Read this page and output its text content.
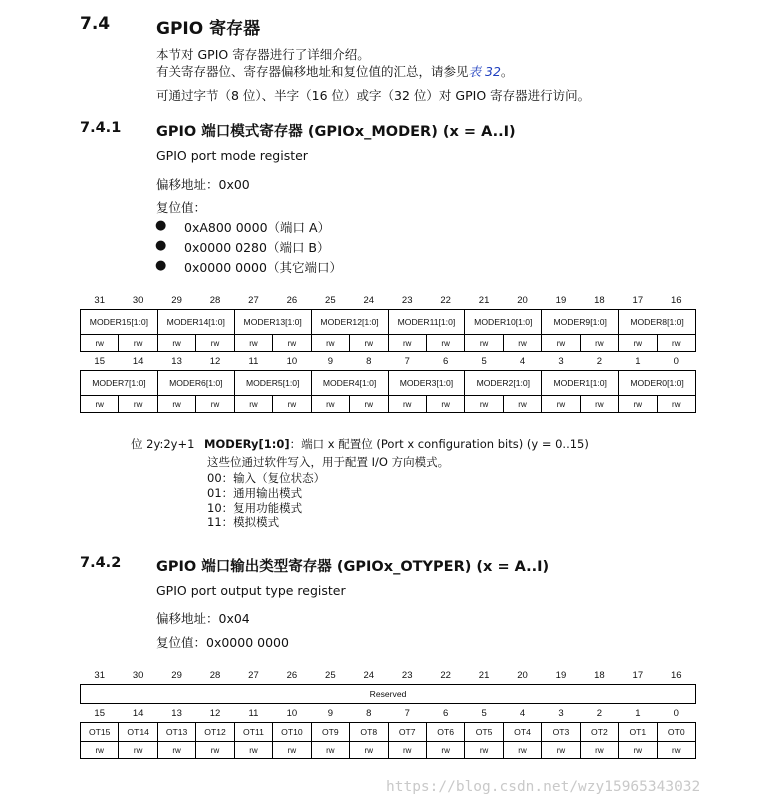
7.4	GPIO 寄存器
本节对 GPIO 寄存器进行了详细介绍。
有关寄存器位、寄存器偏移地址和复位值的汇总，请参见表 32。
可通过字节（8 位）、半字（16 位）或字（32 位）对 GPIO 寄存器进行访问。
7.4.1 GPIO 端口模式寄存器 (GPIOx_MODER) (x = A..I)
GPIO port mode register
偏移地址：0x00
复位值：
● 0xA800 0000（端口 A）
● 0x0000 0280（端口 B）
● 0x0000 0000（其它端口）
31	30	29	28	27	26	25	24	23	22	21	20	19	18	17	16
MODER15[1:0]		MODER14[1:0]		MODER13[1:0]		MODER12[1:0]		MODER11[1:0]		MODER10[1:0]		MODER9[1:0]		MODER8[1:0]	
rw	rw	rw	rw	rw	rw	rw	rw	rw	rw	rw	rw	rw	rw	rw	rw
15	14	13	12	11	10	9	8	7	6	5	4	3	2	1	0
MODER7[1:0]		MODER6[1:0]		MODER5[1:0]		MODER4[1:0]		MODER3[1:0]		MODER2[1:0]		MODER1[1:0]		MODER0[1:0]	
rw	rw	rw	rw	rw	rw	rw	rw	rw	rw	rw	rw	rw	rw	rw	rw
位 2y:2y+1 MODERy[1:0]：端口 x 配置位 (Port x configuration bits) (y = 0..15)
这些位通过软件写入，用于配置 I/O 方向模式。
00：输入（复位状态）
01：通用输出模式
10：复用功能模式
11：模拟模式
7.4.2 GPIO 端口输出类型寄存器 (GPIOx_OTYPER) (x = A..I)
GPIO port output type register
偏移地址：0x04
复位值：0x0000 0000
31	30	29	28	27	26	25	24	23	22	21	20	19	18	17	16
Reserved															
15	14	13	12	11	10	9	8	7	6	5	4	3	2	1	0
OT15	OT14	OT13	OT12	OT11	OT10	OT9	OT8	OT7	OT6	OT5	OT4	OT3	OT2	OT1	OT0
rw	rw	rw	rw	rw	rw	rw	rw	rw	rw	rw	rw	rw	rw	rw	rw
https://blog.csdn.net/wzy15965343032
